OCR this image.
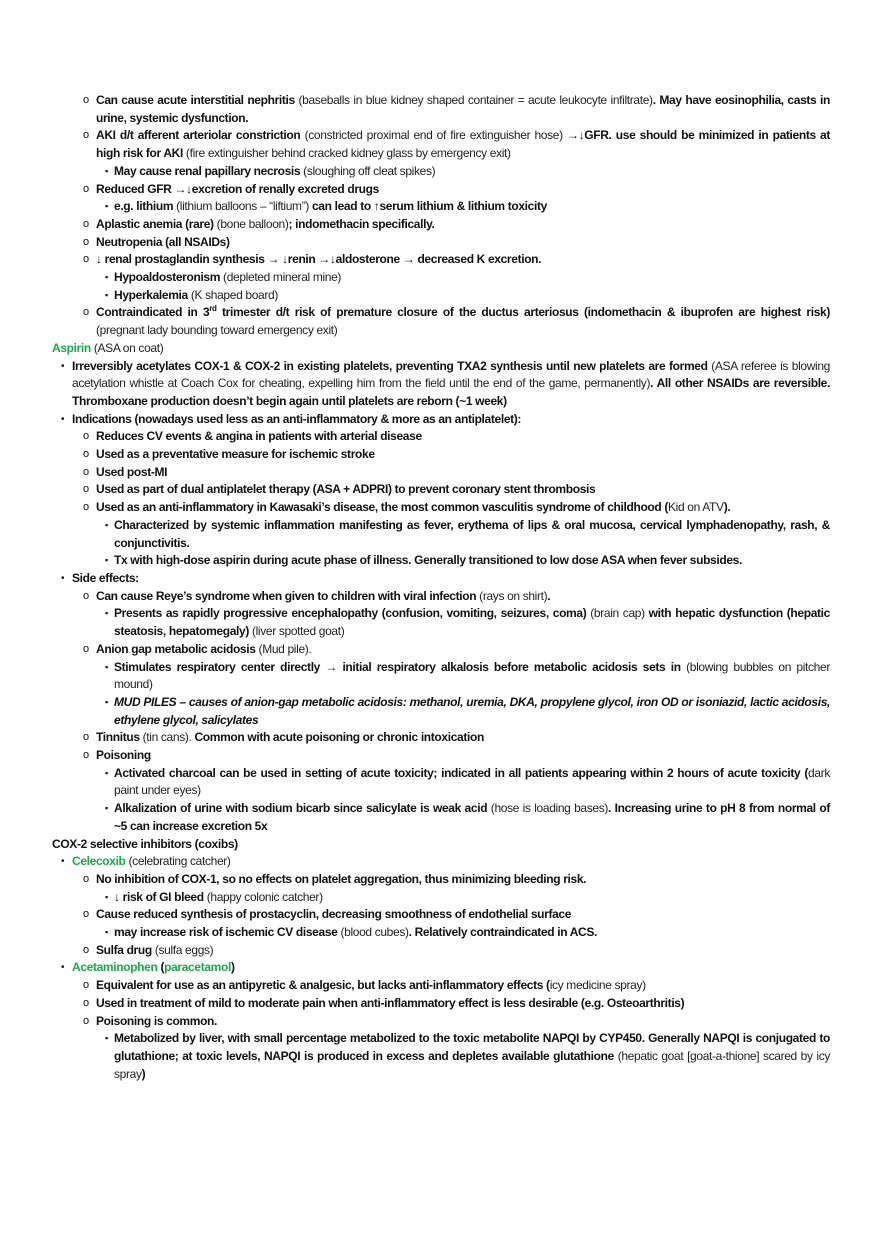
o Can cause acute interstitial nephritis (baseballs in blue kidney shaped container = acute leukocyte infiltrate). May have eosinophilia, casts in urine, systemic dysfunction.
o AKI d/t afferent arteriolar constriction (constricted proximal end of fire extinguisher hose) →↓GFR. use should be minimized in patients at high risk for AKI (fire extinguisher behind cracked kidney glass by emergency exit)
▪ May cause renal papillary necrosis (sloughing off cleat spikes)
o Reduced GFR →↓excretion of renally excreted drugs
▪ e.g. lithium (lithium balloons – “liftium”) can lead to ↑serum lithium & lithium toxicity
o Aplastic anemia (rare) (bone balloon); indomethacin specifically.
o Neutropenia (all NSAIDs)
o ↓ renal prostaglandin synthesis → ↓renin →↓aldosterone → decreased K excretion.
▪ Hypoaldosteronism (depleted mineral mine)
▪ Hyperkalemia (K shaped board)
o Contraindicated in 3rd trimester d/t risk of premature closure of the ductus arteriosus (indomethacin & ibuprofen are highest risk) (pregnant lady bounding toward emergency exit)
Aspirin (ASA on coat)
• Irreversibly acetylates COX-1 & COX-2 in existing platelets, preventing TXA2 synthesis until new platelets are formed (ASA referee is blowing acetylation whistle at Coach Cox for cheating, expelling him from the field until the end of the game, permanently). All other NSAIDs are reversible. Thromboxane production doesn’t begin again until platelets are reborn (~1 week)
• Indications (nowadays used less as an anti-inflammatory & more as an antiplatelet):
o Reduces CV events & angina in patients with arterial disease
o Used as a preventative measure for ischemic stroke
o Used post-MI
o Used as part of dual antiplatelet therapy (ASA + ADPRI) to prevent coronary stent thrombosis
o Used as an anti-inflammatory in Kawasaki’s disease, the most common vasculitis syndrome of childhood (Kid on ATV).
▪ Characterized by systemic inflammation manifesting as fever, erythema of lips & oral mucosa, cervical lymphadenopathy, rash, & conjunctivitis.
▪ Tx with high-dose aspirin during acute phase of illness. Generally transitioned to low dose ASA when fever subsides.
• Side effects:
o Can cause Reye’s syndrome when given to children with viral infection (rays on shirt).
▪ Presents as rapidly progressive encephalopathy (confusion, vomiting, seizures, coma) (brain cap) with hepatic dysfunction (hepatic steatosis, hepatomegaly) (liver spotted goat)
o Anion gap metabolic acidosis (Mud pile).
▪ Stimulates respiratory center directly → initial respiratory alkalosis before metabolic acidosis sets in (blowing bubbles on pitcher mound)
▪ MUD PILES – causes of anion-gap metabolic acidosis: methanol, uremia, DKA, propylene glycol, iron OD or isoniazid, lactic acidosis, ethylene glycol, salicylates
o Tinnitus (tin cans). Common with acute poisoning or chronic intoxication
o Poisoning
▪ Activated charcoal can be used in setting of acute toxicity; indicated in all patients appearing within 2 hours of acute toxicity (dark paint under eyes)
▪ Alkalization of urine with sodium bicarb since salicylate is weak acid (hose is loading bases). Increasing urine to pH 8 from normal of ~5 can increase excretion 5x
COX-2 selective inhibitors (coxibs)
• Celecoxib (celebrating catcher)
o No inhibition of COX-1, so no effects on platelet aggregation, thus minimizing bleeding risk.
▪ ↓ risk of GI bleed (happy colonic catcher)
o Cause reduced synthesis of prostacyclin, decreasing smoothness of endothelial surface
▪ may increase risk of ischemic CV disease (blood cubes). Relatively contraindicated in ACS.
o Sulfa drug (sulfa eggs)
• Acetaminophen (paracetamol)
o Equivalent for use as an antipyretic & analgesic, but lacks anti-inflammatory effects (icy medicine spray)
o Used in treatment of mild to moderate pain when anti-inflammatory effect is less desirable (e.g. Osteoarthritis)
o Poisoning is common.
▪ Metabolized by liver, with small percentage metabolized to the toxic metabolite NAPQI by CYP450. Generally NAPQI is conjugated to glutathione; at toxic levels, NAPQI is produced in excess and depletes available glutathione (hepatic goat [goat-a-thione] scared by icy spray)
